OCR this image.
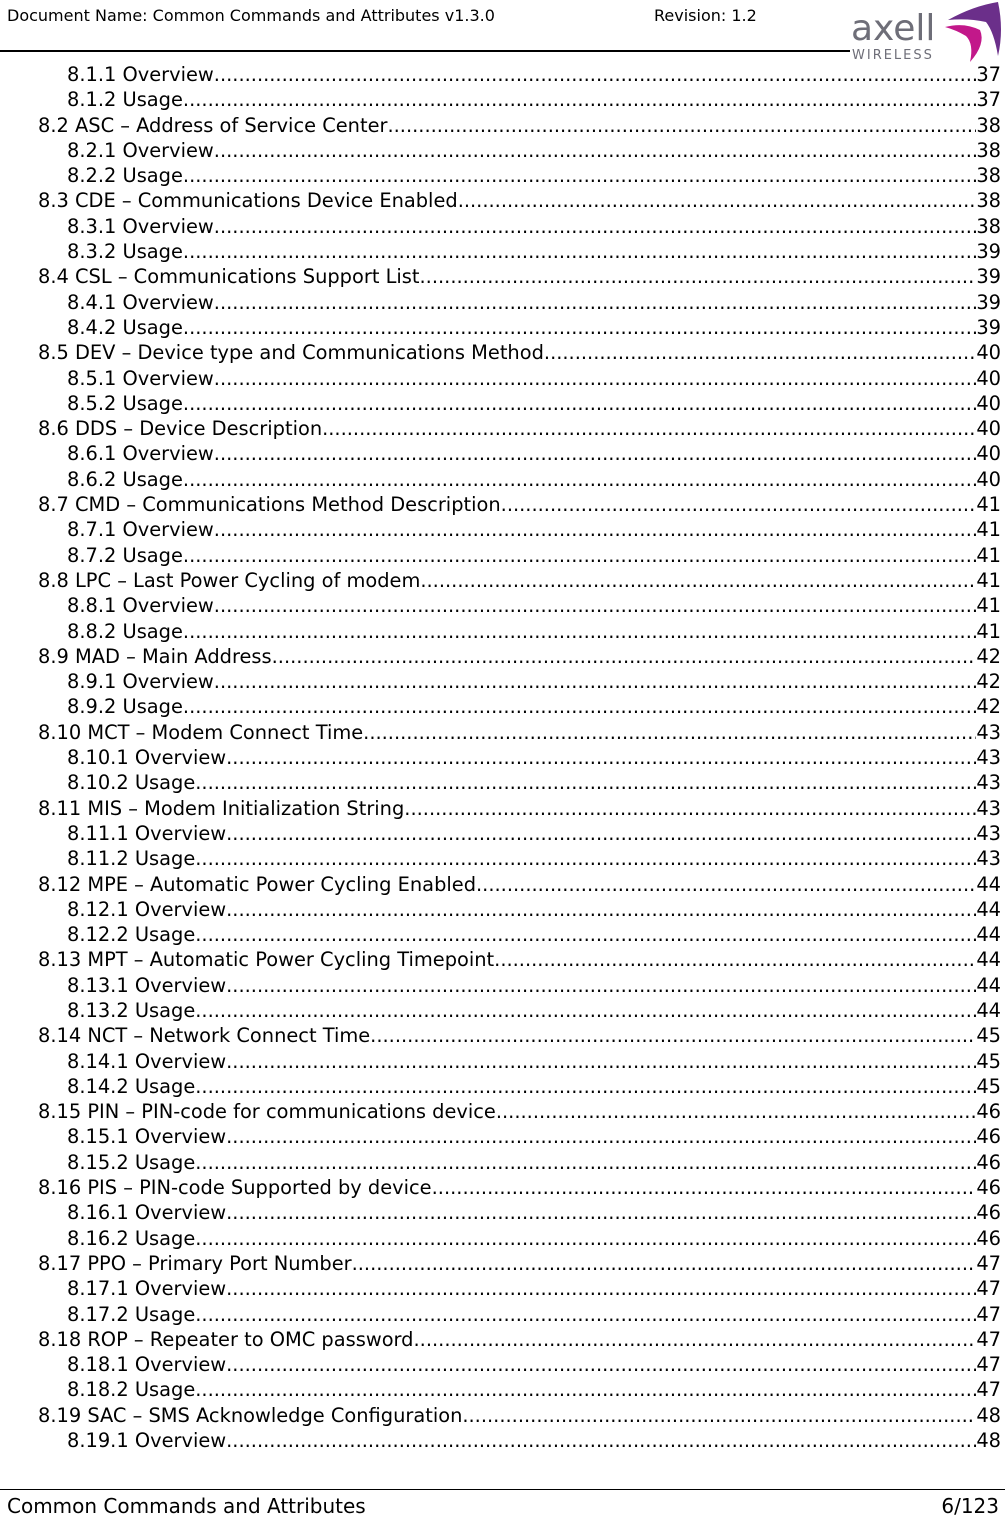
Document Name: Common Commands and Attributes v1.3.0	Revision: 1.2	axell
WIRELESS
8.1.1 Overview .....	37
8.1.2 Usage .....	37
8.2 ASC – Address of Service Center .....	38
8.2.1 Overview .....	38
8.2.2 Usage .....	38
8.3 CDE – Communications Device Enabled .....	38
8.3.1 Overview .....	38
8.3.2 Usage .....	39
8.4 CSL – Communications Support List .....	39
8.4.1 Overview .....	39
8.4.2 Usage .....	39
8.5 DEV – Device type and Communications Method .....	40
8.5.1 Overview .....	40
8.5.2 Usage .....	40
8.6 DDS – Device Description .....	40
8.6.1 Overview .....	40
8.6.2 Usage .....	40
8.7 CMD – Communications Method Description .....	41
8.7.1 Overview .....	41
8.7.2 Usage .....	41
8.8 LPC – Last Power Cycling of modem .....	41
8.8.1 Overview .....	41
8.8.2 Usage .....	41
8.9 MAD – Main Address .....	42
8.9.1 Overview .....	42
8.9.2 Usage .....	42
8.10 MCT – Modem Connect Time .....	43
8.10.1 Overview .....	43
8.10.2 Usage .....	43
8.11 MIS – Modem Initialization String .....	43
8.11.1 Overview .....	43
8.11.2 Usage .....	43
8.12 MPE – Automatic Power Cycling Enabled .....	44
8.12.1 Overview .....	44
8.12.2 Usage .....	44
8.13 MPT – Automatic Power Cycling Timepoint .....	44
8.13.1 Overview .....	44
8.13.2 Usage .....	44
8.14 NCT – Network Connect Time .....	45
8.14.1 Overview .....	45
8.14.2 Usage .....	45
8.15 PIN – PIN-code for communications device .....	46
8.15.1 Overview .....	46
8.15.2 Usage .....	46
8.16 PIS – PIN-code Supported by device .....	46
8.16.1 Overview .....	46
8.16.2 Usage .....	46
8.17 PPO – Primary Port Number .....	47
8.17.1 Overview .....	47
8.17.2 Usage .....	47
8.18 ROP – Repeater to OMC password .....	47
8.18.1 Overview .....	47
8.18.2 Usage .....	47
8.19 SAC – SMS Acknowledge Configuration .....	48
8.19.1 Overview .....	48
Common Commands and Attributes	6/123
